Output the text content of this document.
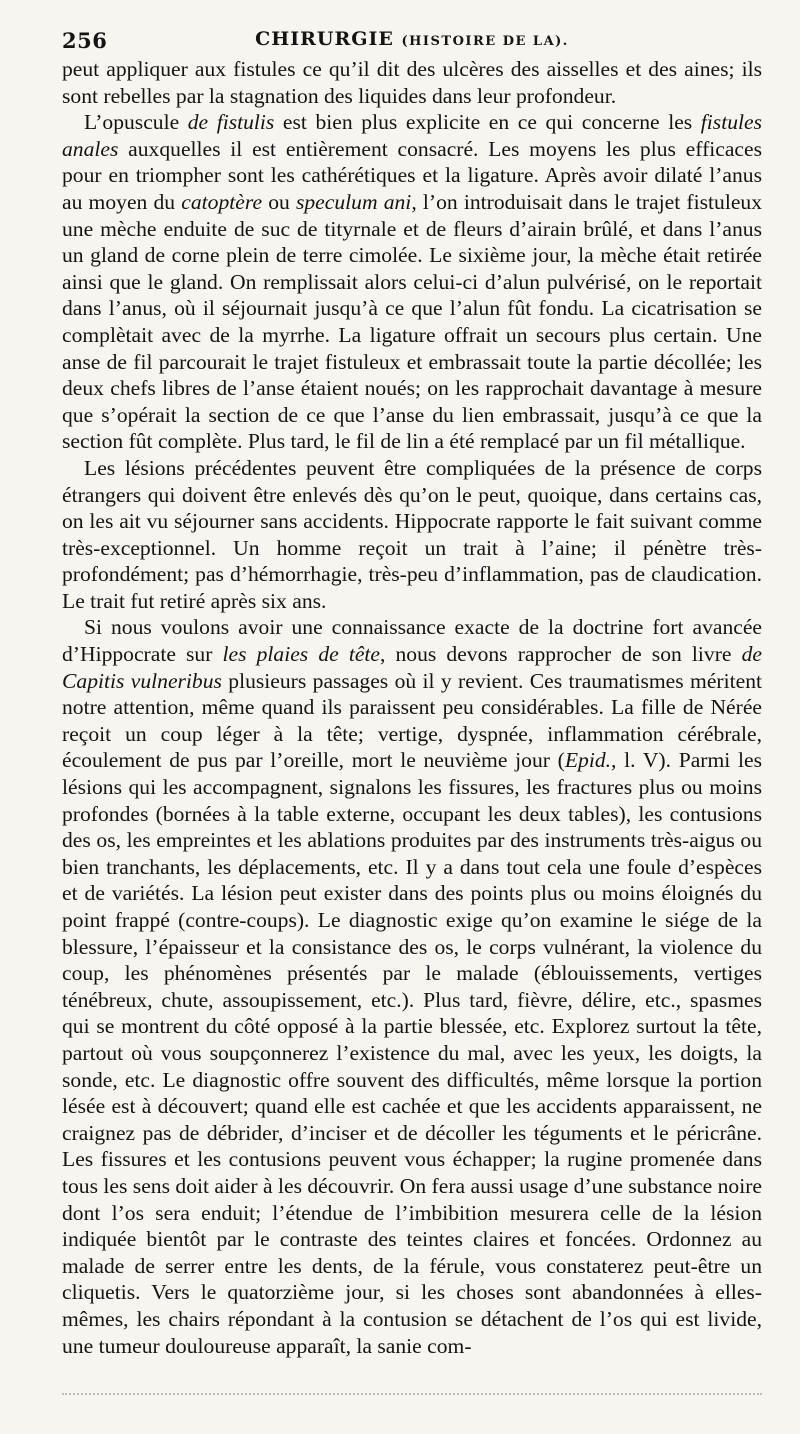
256	CHIRURGIE (HISTOIRE DE LA).

peut appliquer aux fistules ce qu’il dit des ulcères des aisselles et des aines; ils sont rebelles par la stagnation des liquides dans leur profondeur.

L’opuscule de fistulis est bien plus explicite en ce qui concerne les fistules anales auxquelles il est entièrement consacré. Les moyens les plus efficaces pour en triompher sont les cathérétiques et la ligature. Après avoir dilaté l’anus au moyen du catoptère ou speculum ani, l’on introduisait dans le trajet fistuleux une mèche enduite de suc de tityrnale et de fleurs d’airain brûlé, et dans l’anus un gland de corne plein de terre cimolée. Le sixième jour, la mèche était retirée ainsi que le gland. On remplissait alors celui-ci d’alun pulvérisé, on le reportait dans l’anus, où il séjournait jusqu’à ce que l’alun fût fondu. La cicatrisation se complètait avec de la myrrhe. La ligature offrait un secours plus certain. Une anse de fil parcourait le trajet fistuleux et embrassait toute la partie décollée; les deux chefs libres de l’anse étaient noués; on les rapprochait davantage à mesure que s’opérait la section de ce que l’anse du lien embrassait, jusqu’à ce que la section fût complète. Plus tard, le fil de lin a été remplacé par un fil métallique.

Les lésions précédentes peuvent être compliquées de la présence de corps étrangers qui doivent être enlevés dès qu’on le peut, quoique, dans certains cas, on les ait vu séjourner sans accidents. Hippocrate rapporte le fait suivant comme très-exceptionnel. Un homme reçoit un trait à l’aine; il pénètre très-profondément; pas d’hémorrhagie, très-peu d’inflammation, pas de claudication. Le trait fut retiré après six ans.

Si nous voulons avoir une connaissance exacte de la doctrine fort avancée d’Hippocrate sur les plaies de tête, nous devons rapprocher de son livre de Capitis vulneribus plusieurs passages où il y revient. Ces traumatismes méritent notre attention, même quand ils paraissent peu considérables. La fille de Nérée reçoit un coup léger à la tête; vertige, dyspnée, inflammation cérébrale, écoulement de pus par l’oreille, mort le neuvième jour (Epid., l. V). Parmi les lésions qui les accompagnent, signalons les fissures, les fractures plus ou moins profondes (bornées à la table externe, occupant les deux tables), les contusions des os, les empreintes et les ablations produites par des instruments très-aigus ou bien tranchants, les déplacements, etc. Il y a dans tout cela une foule d’espèces et de variétés. La lésion peut exister dans des points plus ou moins éloignés du point frappé (contre-coups). Le diagnostic exige qu’on examine le siége de la blessure, l’épaisseur et la consistance des os, le corps vulnérant, la violence du coup, les phénomènes présentés par le malade (éblouissements, vertiges ténébreux, chute, assoupissement, etc.). Plus tard, fièvre, délire, etc., spasmes qui se montrent du côté opposé à la partie blessée, etc. Explorez surtout la tête, partout où vous soupçonnerez l’existence du mal, avec les yeux, les doigts, la sonde, etc. Le diagnostic offre souvent des difficultés, même lorsque la portion lésée est à découvert; quand elle est cachée et que les accidents apparaissent, ne craignez pas de débrider, d’inciser et de décoller les téguments et le péricrâne. Les fissures et les contusions peuvent vous échapper; la rugine promenée dans tous les sens doit aider à les découvrir. On fera aussi usage d’une substance noire dont l’os sera enduit; l’étendue de l’imbibition mesurera celle de la lésion indiquée bientôt par le contraste des teintes claires et foncées. Ordonnez au malade de serrer entre les dents, de la férule, vous constaterez peut-être un cliquetis. Vers le quatorzième jour, si les choses sont abandonnées à elles-mêmes, les chairs répondant à la contusion se détachent de l’os qui est livide, une tumeur douloureuse apparaît, la sanie com-
